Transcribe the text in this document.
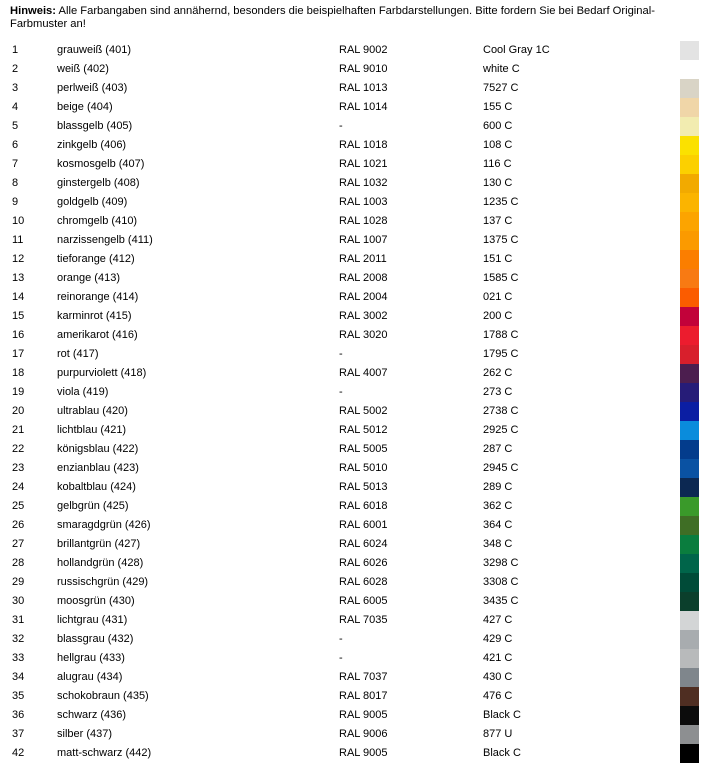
Hinweis: Alle Farbangaben sind annähernd, besonders die beispielhaften Farbdarstellungen. Bitte fordern Sie bei Bedarf Original-Farbmuster an!
1	grauweiß (401)	RAL 9002	Cool Gray 1C
2	weiß (402)	RAL 9010	white C
3	perlweiß (403)	RAL 1013	7527 C
4	beige (404)	RAL 1014	155 C
5	blassgelb (405)	-	600 C
6	zinkgelb (406)	RAL 1018	108 C
7	kosmosgelb (407)	RAL 1021	116 C
8	ginstergelb (408)	RAL 1032	130 C
9	goldgelb (409)	RAL 1003	1235 C
10	chromgelb (410)	RAL 1028	137 C
11	narzissengelb (411)	RAL 1007	1375 C
12	tieforange (412)	RAL 2011	151 C
13	orange (413)	RAL 2008	1585 C
14	reinorange (414)	RAL 2004	021 C
15	karminrot (415)	RAL 3002	200 C
16	amerikarot (416)	RAL 3020	1788 C
17	rot (417)	-	1795 C
18	purpurviolett (418)	RAL 4007	262 C
19	viola (419)	-	273 C
20	ultrablau (420)	RAL 5002	2738 C
21	lichtblau (421)	RAL 5012	2925 C
22	königsblau (422)	RAL 5005	287 C
23	enzianblau (423)	RAL 5010	2945 C
24	kobaltblau (424)	RAL 5013	289 C
25	gelbgrün (425)	RAL 6018	362 C
26	smaragdgrün (426)	RAL 6001	364 C
27	brillantgrün (427)	RAL 6024	348 C
28	hollandgrün (428)	RAL 6026	3298 C
29	russischgrün (429)	RAL 6028	3308 C
30	moosgrün (430)	RAL 6005	3435 C
31	lichtgrau (431)	RAL 7035	427 C
32	blassgrau (432)	-	429 C
33	hellgrau (433)	-	421 C
34	alugrau (434)	RAL 7037	430 C
35	schokobraun (435)	RAL 8017	476 C
36	schwarz (436)	RAL 9005	Black C
37	silber (437)	RAL 9006	877 U
42	matt-schwarz (442)	RAL 9005	Black C
